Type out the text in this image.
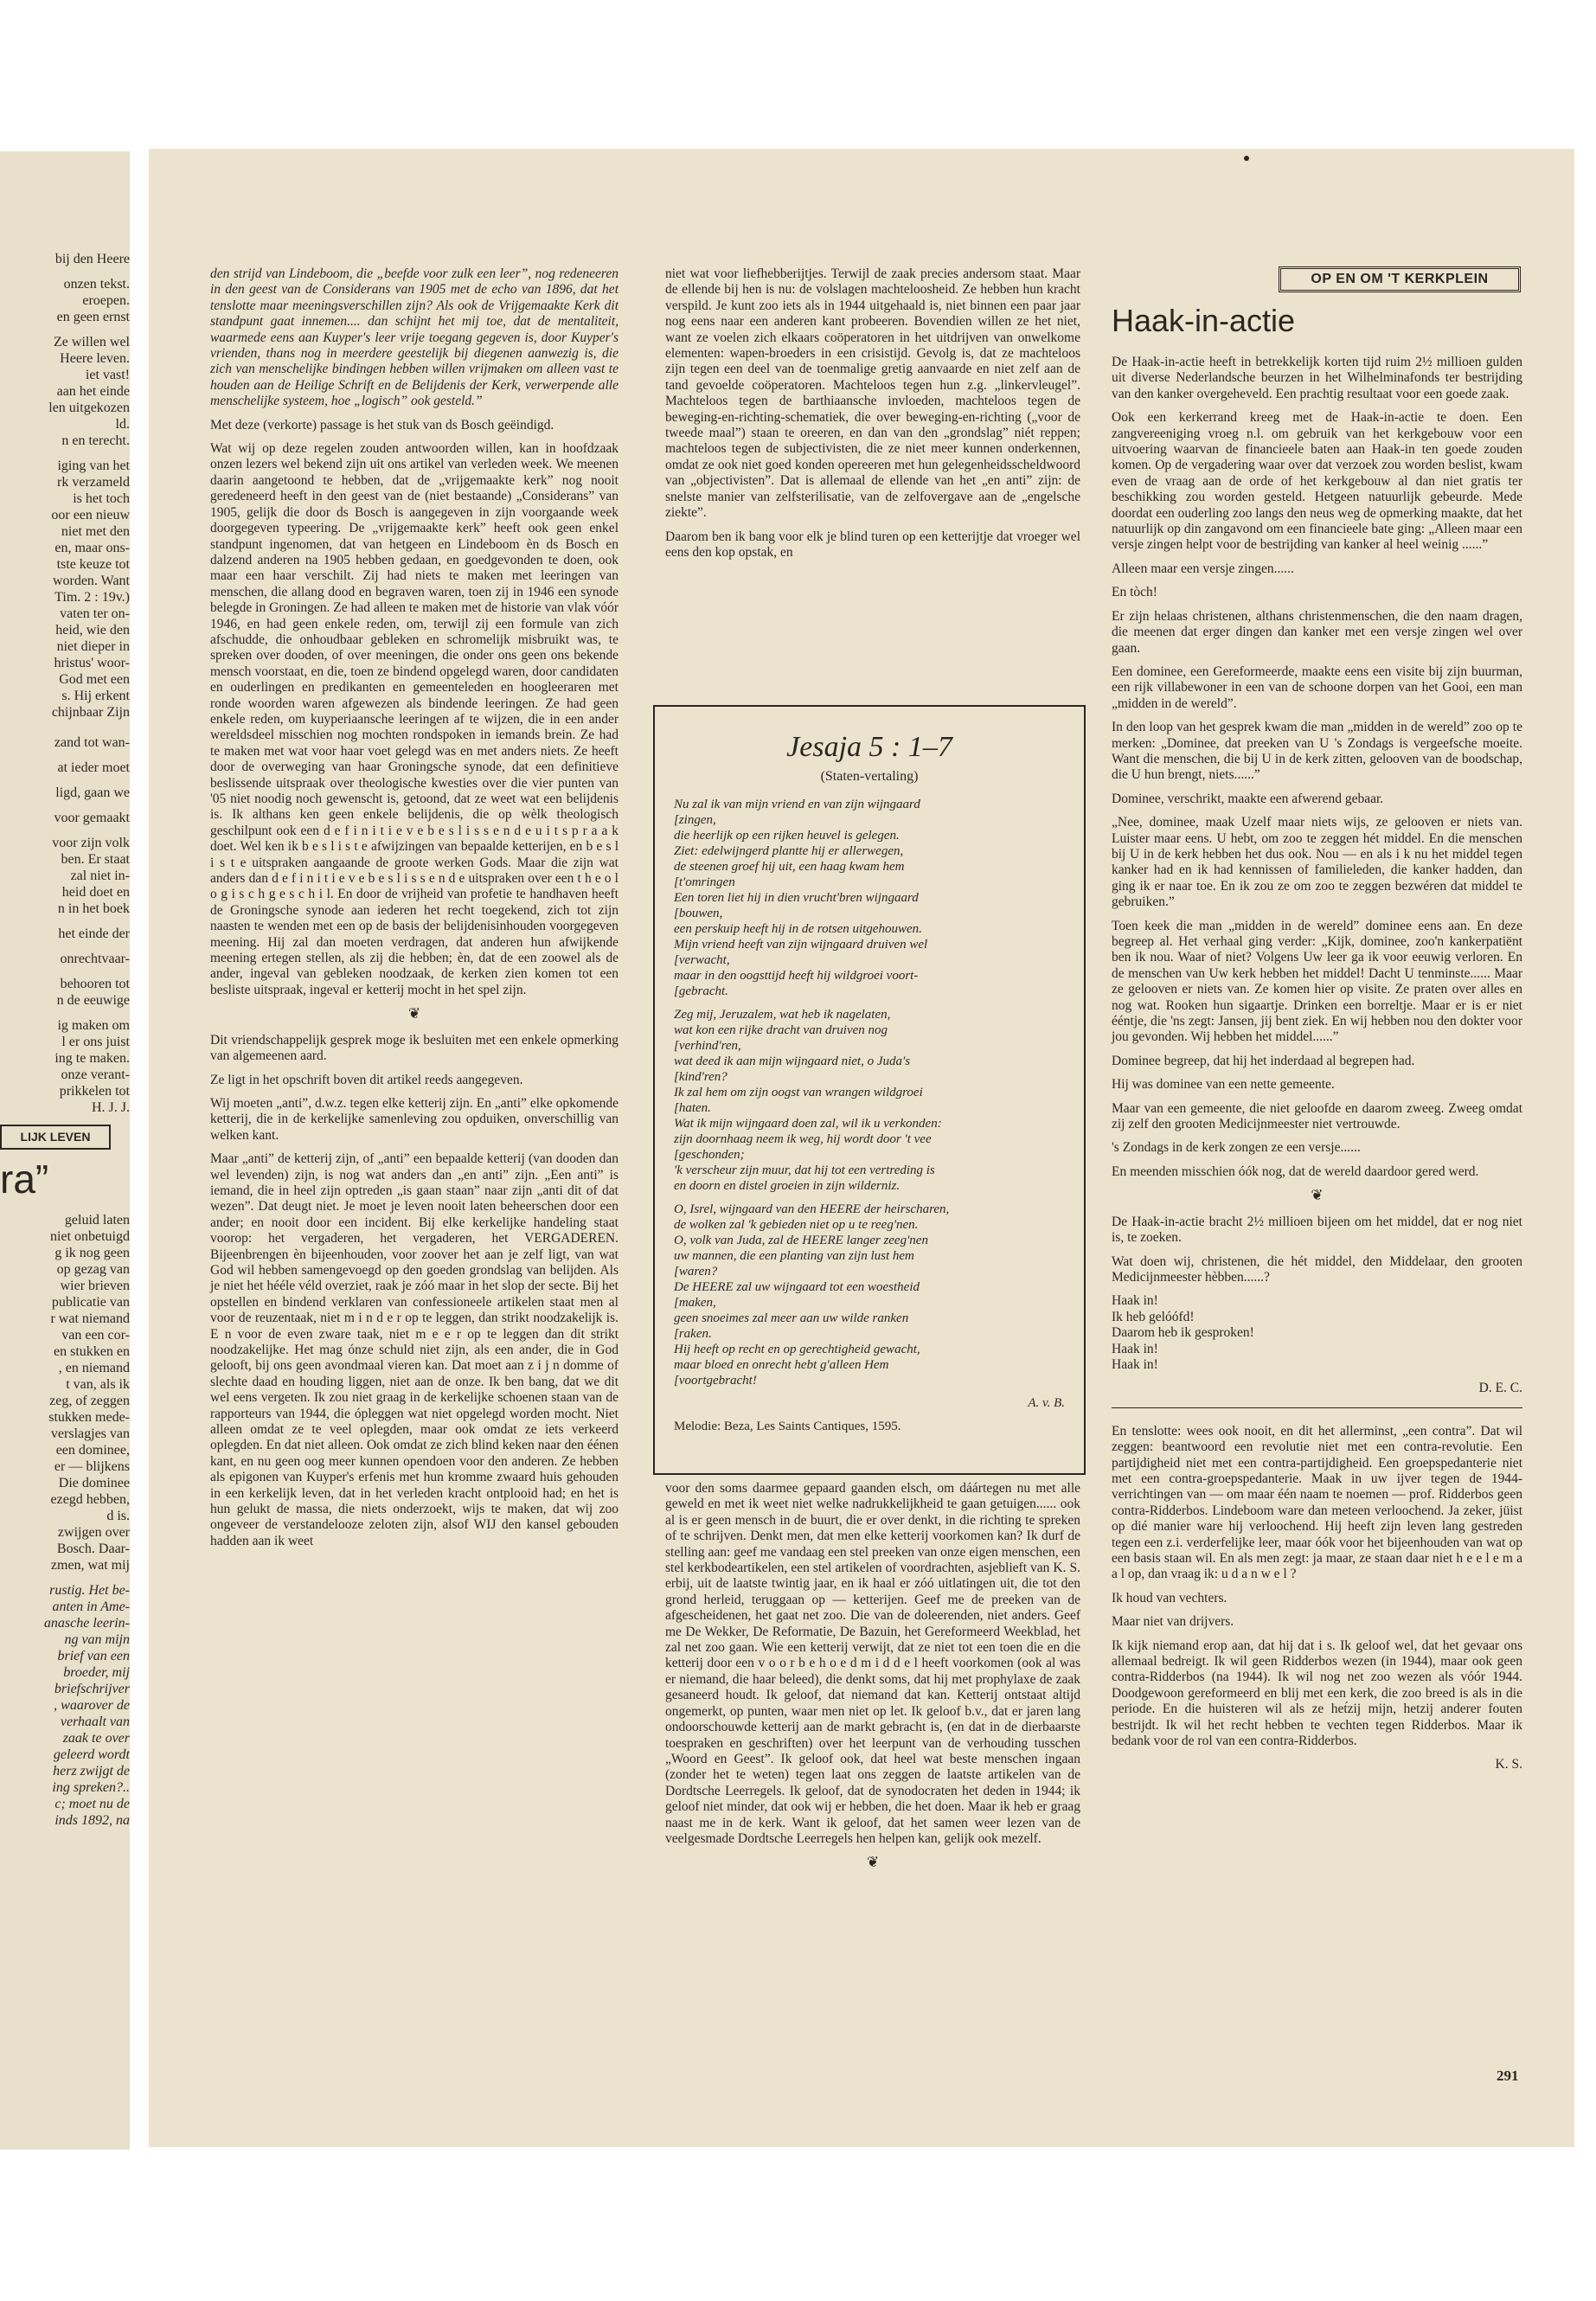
bij den Heere

onzen tekst.
eroepen.
en geen ernst

Ze willen wel
Heere leven.
iet vast!
aan het einde
len uitgekozen
ld.
n en terecht.

iging van het
rk verzameld
is het toch
oor een nieuw
niet met den
en, maar ons-
tste keuze tot
worden. Want
Tim. 2 : 19v.)
vaten ter on-
heid, wie den
niet dieper in
hristus' woor-
God met een
s. Hij erkent
chijnbaar Zijn

zand tot wan-

at ieder moet

ligd, gaan we

voor gemaakt

voor zijn volk
ben. Er staat
zal niet in-
heid doet en
n in het boek

het einde der

onrechtvaar-

behooren tot
n de eeuwige

ig maken om
l er ons juist
ing te maken.
onze verant-
prikkelen tot
H. J. J.

LIJK LEVEN
ra”

geluid laten
niet onbetuigd
g ik nog geen
op gezag van
wier brieven
publicatie van
r wat niemand
van een cor-
en stukken en
, en niemand
t van, als ik
zeg, of zeggen
stukken mede-
verslagjes van
een dominee,
er — blijkens
Die dominee
ezegd hebben,
d is.
zwijgen over
Bosch. Daar-
zmen, wat mij

rustig. Het be-
anten in Ame-
anasche leerin-
ng van mijn
brief van een
broeder, mij
briefschrijver
, waarover de
verhaalt van
zaak te over
geleerd wordt
herz zwijgt de
ing spreken?..
c; moet nu de
inds 1892, na

den strijd van Lindeboom, die „beefde voor zulk een leer”, nog redeneeren in den geest van de Considerans van 1905 met de echo van 1896, dat het tenslotte maar meeningsverschillen zijn? Als ook de Vrijgemaakte Kerk dit standpunt gaat innemen.... dan schijnt het mij toe, dat de mentaliteit, waarmede eens aan Kuyper's leer vrije toegang gegeven is, door Kuyper's vrienden, thans nog in meerdere geestelijk bij diegenen aanwezig is, die zich van menschelijke bindingen hebben willen vrijmaken om alleen vast te houden aan de Heilige Schrift en de Belijdenis der Kerk, verwerpende alle menschelijke systeem, hoe „logisch” ook gesteld.”

Met deze (verkorte) passage is het stuk van ds Bosch geëindigd.

Wat wij op deze regelen zouden antwoorden willen, kan in hoofdzaak onzen lezers wel bekend zijn uit ons artikel van verleden week. We meenen daarin aangetoond te hebben, dat de „vrijgemaakte kerk” nog nooit geredeneerd heeft in den geest van de (niet bestaande) „Considerans” van 1905, gelijk die door ds Bosch is aangegeven in zijn voorgaande week doorgegeven typeering. De „vrijgemaakte kerk” heeft ook geen enkel standpunt ingenomen, dat van hetgeen en Lindeboom èn ds Bosch en dalzend anderen na 1905 hebben gedaan, en goedgevonden te doen, ook maar een haar verschilt. Zij had niets te maken met leeringen van menschen, die allang dood en begraven waren, toen zij in 1946 een synode belegde in Groningen. Ze had alleen te maken met de historie van vlak vóór 1946, en had geen enkele reden, om, terwijl zij een formule van zich afschudde, die onhoudbaar gebleken en schromelijk misbruikt was, te spreken over dooden, of over meeningen, die onder ons geen ons bekende mensch voorstaat, en die, toen ze bindend opgelegd waren, door candidaten en ouderlingen en predikanten en gemeenteleden en hoogleeraren met ronde woorden waren afgewezen als bindende leeringen. Ze had geen enkele reden, om kuyperiaansche leeringen af te wijzen, die in een ander wereldsdeel misschien nog mochten rondspoken in iemands brein. Ze had te maken met wat voor haar voet gelegd was en met anders niets. Ze heeft door de overweging van haar Groningsche synode, dat een definitieve beslissende uitspraak over theologische kwesties over die vier punten van '05 niet noodig noch gewenscht is, getoond, dat ze weet wat een belijdenis is. Ik althans ken geen enkele belijdenis, die op wèlk theologisch geschilpunt ook een d e f i n i t i e v e b e s l i s s e n d e u i t s p r a a k doet. Wel ken ik b e s l i s t e afwijzingen van bepaalde ketterijen, en b e s l i s t e uitspraken aangaande de groote werken Gods. Maar die zijn wat anders dan d e f i n i t i e v e b e s l i s s e n d e uitspraken over een t h e o l o g i s c h g e s c h i l. En door de vrijheid van profetie te handhaven heeft de Groningsche synode aan iederen het recht toegekend, zich tot zijn naasten te wenden met een op de basis der belijdenisinhouden voorgegeven meening. Hij zal dan moeten verdragen, dat anderen hun afwijkende meening ertegen stellen, als zij die hebben; èn, dat de een zoowel als de ander, ingeval van gebleken noodzaak, de kerken zien komen tot een besliste uitspraak, ingeval er ketterij mocht in het spel zijn.

❦

Dit vriendschappelijk gesprek moge ik besluiten met een enkele opmerking van algemeenen aard.

Ze ligt in het opschrift boven dit artikel reeds aangegeven.

Wij moeten „anti”, d.w.z. tegen elke ketterij zijn. En „anti” elke opkomende ketterij, die in de kerkelijke samenleving zou opduiken, onverschillig van welken kant.

Maar „anti” de ketterij zijn, of „anti” een bepaalde ketterij (van dooden dan wel levenden) zijn, is nog wat anders dan „en anti” zijn. „Een anti” is iemand, die in heel zijn optreden „is gaan staan” naar zijn „anti dit of dat wezen”. Dat deugt niet. Je moet je leven nooit laten beheerschen door een ander; en nooit door een incident. Bij elke kerkelijke handeling staat voorop: het vergaderen, het vergaderen, het VERGADEREN. Bijeenbrengen èn bijeenhouden, voor zoover het aan je zelf ligt, van wat God wil hebben samengevoegd op den goeden grondslag van belijden. Als je niet het hééle véld overziet, raak je zóó maar in het slop der secte. Bij het opstellen en bindend verklaren van confessioneele artikelen staat men al voor de reuzentaak, niet m i n d e r op te leggen, dan strikt noodzakelijk is. E n voor de even zware taak, niet m e e r op te leggen dan dit strikt noodzakelijke. Het mag ónze schuld niet zijn, als een ander, die in God gelooft, bij ons geen avondmaal vieren kan. Dat moet aan z i j n domme of slechte daad en houding liggen, niet aan de onze. Ik ben bang, dat we dit wel eens vergeten. Ik zou niet graag in de kerkelijke schoenen staan van de rapporteurs van 1944, die ópleggen wat niet opgelegd worden mocht. Niet alleen omdat ze te veel oplegden, maar ook omdat ze iets verkeerd oplegden. En dat niet alleen. Ook omdat ze zich blind keken naar den éénen kant, en nu geen oog meer kunnen opendoen voor den anderen. Ze hebben als epigonen van Kuyper's erfenis met hun kromme zwaard huis gehouden in een kerkelijk leven, dat in het verleden kracht ontplooid had; en het is hun gelukt de massa, die niets onderzoekt, wijs te maken, dat wij zoo ongeveer de verstandelooze zeloten zijn, alsof WIJ den kansel gebouden hadden aan ik weet

niet wat voor liefhebberijtjes. Terwijl de zaak precies andersom staat. Maar de ellende bij hen is nu: de volslagen machteloosheid. Ze hebben hun kracht verspild. Je kunt zoo iets als in 1944 uitgehaald is, niet binnen een paar jaar nog eens naar een anderen kant probeeren. Bovendien willen ze het niet, want ze voelen zich elkaars coöperatoren in het uitdrijven van onwelkome elementen: wapen-broeders in een crisistijd. Gevolg is, dat ze machteloos zijn tegen een deel van de toenmalige gretig aanvaarde en niet zelf aan de tand gevoelde coöperatoren. Machteloos tegen hun z.g. „linkervleugel”. Machteloos tegen de barthiaansche invloeden, machteloos tegen de beweging-en-richting-schematiek, die over beweging-en-richting („voor de tweede maal”) staan te oreeren, en dan van den „grondslag” niét reppen; machteloos tegen de subjectivisten, die ze niet meer kunnen onderkennen, omdat ze ook niet goed konden opereeren met hun gelegenheidsscheldwoord van „objectivisten”. Dat is allemaal de ellende van het „en anti” zijn: de snelste manier van zelfsterilisatie, van de zelfovergave aan de „engelsche ziekte”.

Daarom ben ik bang voor elk je blind turen op een ketterijtje dat vroeger wel eens den kop opstak, en

Jesaja 5 : 1–7
(Staten-vertaling)

Nu zal ik van mijn vriend en van zijn wijngaard
[zingen,
die heerlijk op een rijken heuvel is gelegen.
Ziet: edelwijngerd plantte hij er allerwegen,
de steenen groef hij uit, een haag kwam hem
[t'omringen
Een toren liet hij in dien vrucht'bren wijngaard
[bouwen,
een perskuip heeft hij in de rotsen uitgehouwen.
Mijn vriend heeft van zijn wijngaard druiven wel
[verwacht,
maar in den oogsttijd heeft hij wildgroei voort-
[gebracht.

Zeg mij, Jeruzalem, wat heb ik nagelaten,
wat kon een rijke dracht van druiven nog
[verhind'ren,
wat deed ik aan mijn wijngaard niet, o Juda's
[kind'ren?
Ik zal hem om zijn oogst van wrangen wildgroei
[haten.
Wat ik mijn wijngaard doen zal, wil ik u verkonden:
zijn doornhaag neem ik weg, hij wordt door 't vee
[geschonden;
'k verscheur zijn muur, dat hij tot een vertreding is
en doorn en distel groeien in zijn wilderniz.

O, Isrel, wijngaard van den HEERE der heirscharen,
de wolken zal 'k gebieden niet op u te reeg'nen.
O, volk van Juda, zal de HEERE langer zeeg'nen
uw mannen, die een planting van zijn lust hem
[waren?
De HEERE zal uw wijngaard tot een woestheid
[maken,
geen snoeimes zal meer aan uw wilde ranken
[raken.
Hij heeft op recht en op gerechtigheid gewacht,
maar bloed en onrecht hebt g'alleen Hem
[voortgebracht!

A. v. B.
Melodie: Beza, Les Saints Cantiques, 1595.

voor den soms daarmee gepaard gaanden elsch, om dáártegen nu met alle geweld en met ik weet niet welke nadrukkelijkheid te gaan getuigen...... ook al is er geen mensch in de buurt, die er over denkt, in die richting te spreken of te schrijven. Denkt men, dat men elke ketterij voorkomen kan? Ik durf de stelling aan: geef me vandaag een stel preeken van onze eigen menschen, een stel kerkbodeartikelen, een stel artikelen of voordrachten, asjeblieft van K. S. erbij, uit de laatste twintig jaar, en ik haal er zóó uitlatingen uit, die tot den grond herleid, teruggaan op — ketterijen. Geef me de preeken van de afgescheidenen, het gaat net zoo. Die van de doleerenden, niet anders. Geef me De Wekker, De Reformatie, De Bazuin, het Gereformeerd Weekblad, het zal net zoo gaan. Wie een ketterij verwijt, dat ze niet tot een toen die en die ketterij door een v o o r b e h o e d m i d d e l heeft voorkomen (ook al was er niemand, die haar beleed), die denkt soms, dat hij met prophylaxe de zaak gesaneerd houdt. Ik geloof, dat niemand dat kan. Ketterij ontstaat altijd ongemerkt, op punten, waar men niet op let. Ik geloof b.v., dat er jaren lang ondoorschouwde ketterij aan de markt gebracht is, (en dat in de dierbaarste toespraken en geschriften) over het leerpunt van de verhouding tusschen „Woord en Geest”. Ik geloof ook, dat heel wat beste menschen ingaan (zonder het te weten) tegen laat ons zeggen de laatste artikelen van de Dordtsche Leerregels. Ik geloof, dat de synodocraten het deden in 1944; ik geloof niet minder, dat ook wij er hebben, die het doen. Maar ik heb er graag naast me in de kerk. Want ik geloof, dat het samen weer lezen van de veelgesmade Dordtsche Leerregels hen helpen kan, gelijk ook mezelf.

❦
OP EN OM 'T KERKPLEIN
Haak-in-actie

De Haak-in-actie heeft in betrekkelijk korten tijd ruim 2½ millioen gulden uit diverse Nederlandsche beurzen in het Wilhelminafonds ter bestrijding van den kanker overgeheveld. Een prachtig resultaat voor een goede zaak.

Ook een kerkerrand kreeg met de Haak-in-actie te doen. Een zangvereeniging vroeg n.l. om gebruik van het kerkgebouw voor een uitvoering waarvan de financieele baten aan Haak-in ten goede zouden komen. Op de vergadering waar over dat verzoek zou worden beslist, kwam even de vraag aan de orde of het kerkgebouw al dan niet gratis ter beschikking zou worden gesteld. Hetgeen natuurlijk gebeurde. Mede doordat een ouderling zoo langs den neus weg de opmerking maakte, dat het natuurlijk op din zangavond om een financieele bate ging: „Alleen maar een versje zingen helpt voor de bestrijding van kanker al heel weinig ......”

Alleen maar een versje zingen......

En tòch!

Er zijn helaas christenen, althans christenmenschen, die den naam dragen, die meenen dat erger dingen dan kanker met een versje zingen wel over gaan.

Een dominee, een Gereformeerde, maakte eens een visite bij zijn buurman, een rijk villabewoner in een van de schoone dorpen van het Gooi, een man „midden in de wereld”.

In den loop van het gesprek kwam die man „midden in de wereld” zoo op te merken: „Dominee, dat preeken van U 's Zondags is vergeefsche moeite. Want die menschen, die bij U in de kerk zitten, gelooven van de boodschap, die U hun brengt, niets......”

Dominee, verschrikt, maakte een afwerend gebaar.

„Nee, dominee, maak Uzelf maar niets wijs, ze gelooven er niets van. Luister maar eens. U hebt, om zoo te zeggen hét middel. En die menschen bij U in de kerk hebben het dus ook. Nou — en als i k nu het middel tegen kanker had en ik had kennissen of familieleden, die kanker hadden, dan ging ik er naar toe. En ik zou ze om zoo te zeggen bezwéren dat middel te gebruiken.”

Toen keek die man „midden in de wereld” dominee eens aan. En deze begreep al. Het verhaal ging verder: „Kijk, dominee, zoo'n kankerpatiënt ben ik nou. Waar of niet? Volgens Uw leer ga ik voor eeuwig verloren. En de menschen van Uw kerk hebben het middel! Dacht U tenminste...... Maar ze gelooven er niets van. Ze komen hier op visite. Ze praten over alles en nog wat. Rooken hun sigaartje. Drinken een borreltje. Maar er is er niet ééntje, die 'ns zegt: Jansen, jij bent ziek. En wij hebben nou den dokter voor jou gevonden. Wij hebben het middel......”

Dominee begreep, dat hij het inderdaad al begrepen had.

Hij was dominee van een nette gemeente.

Maar van een gemeente, die niet geloofde en daarom zweeg. Zweeg omdat zij zelf den grooten Medicijnmeester niet vertrouwde.

's Zondags in de kerk zongen ze een versje......

En meenden misschien óók nog, dat de wereld daardoor gered werd.

❦

De Haak-in-actie bracht 2½ millioen bijeen om het middel, dat er nog niet is, te zoeken.

Wat doen wij, christenen, die hét middel, den Middelaar, den grooten Medicijnmeester hèbben......?

Haak in!
Ik heb gelóófd!
Daarom heb ik gesproken!
Haak in!
Haak in!

D. E. C.

En tenslotte: wees ook nooit, en dit het allerminst, „een contra”. Dat wil zeggen: beantwoord een revolutie niet met een contra-revolutie. Een partijdigheid niet met een contra-partijdigheid. Een groepspedanterie niet met een contra-groepspedanterie. Maak in uw ijver tegen de 1944-verrichtingen van — om maar één naam te noemen — prof. Ridderbos geen contra-Ridderbos. Lindeboom ware dan meteen verloochend. Ja zeker, jüist op dié manier ware hij verloochend. Hij heeft zijn leven lang gestreden tegen een z.i. verderfelijke leer, maar óók voor het bijeenhouden van wat op een basis staan wil. En als men zegt: ja maar, ze staan daar niet h e e l e m a a l op, dan vraag ik: u d a n w e l ?

Ik houd van vechters.

Maar niet van drijvers.

Ik kijk niemand erop aan, dat hij dat i s. Ik geloof wel, dat het gevaar ons allemaal bedreigt. Ik wil geen Ridderbos wezen (in 1944), maar ook geen contra-Ridderbos (na 1944). Ik wil nog net zoo wezen als vóór 1944. Doodgewoon gereformeerd en blij met een kerk, die zoo breed is als in die periode. En die huisteren wil als ze het́zij mijn, hetzij anderer fouten bestrijdt. Ik wil het recht hebben te vechten tegen Ridderbos. Maar ik bedank voor de rol van een contra-Ridderbos.

K. S.
291
